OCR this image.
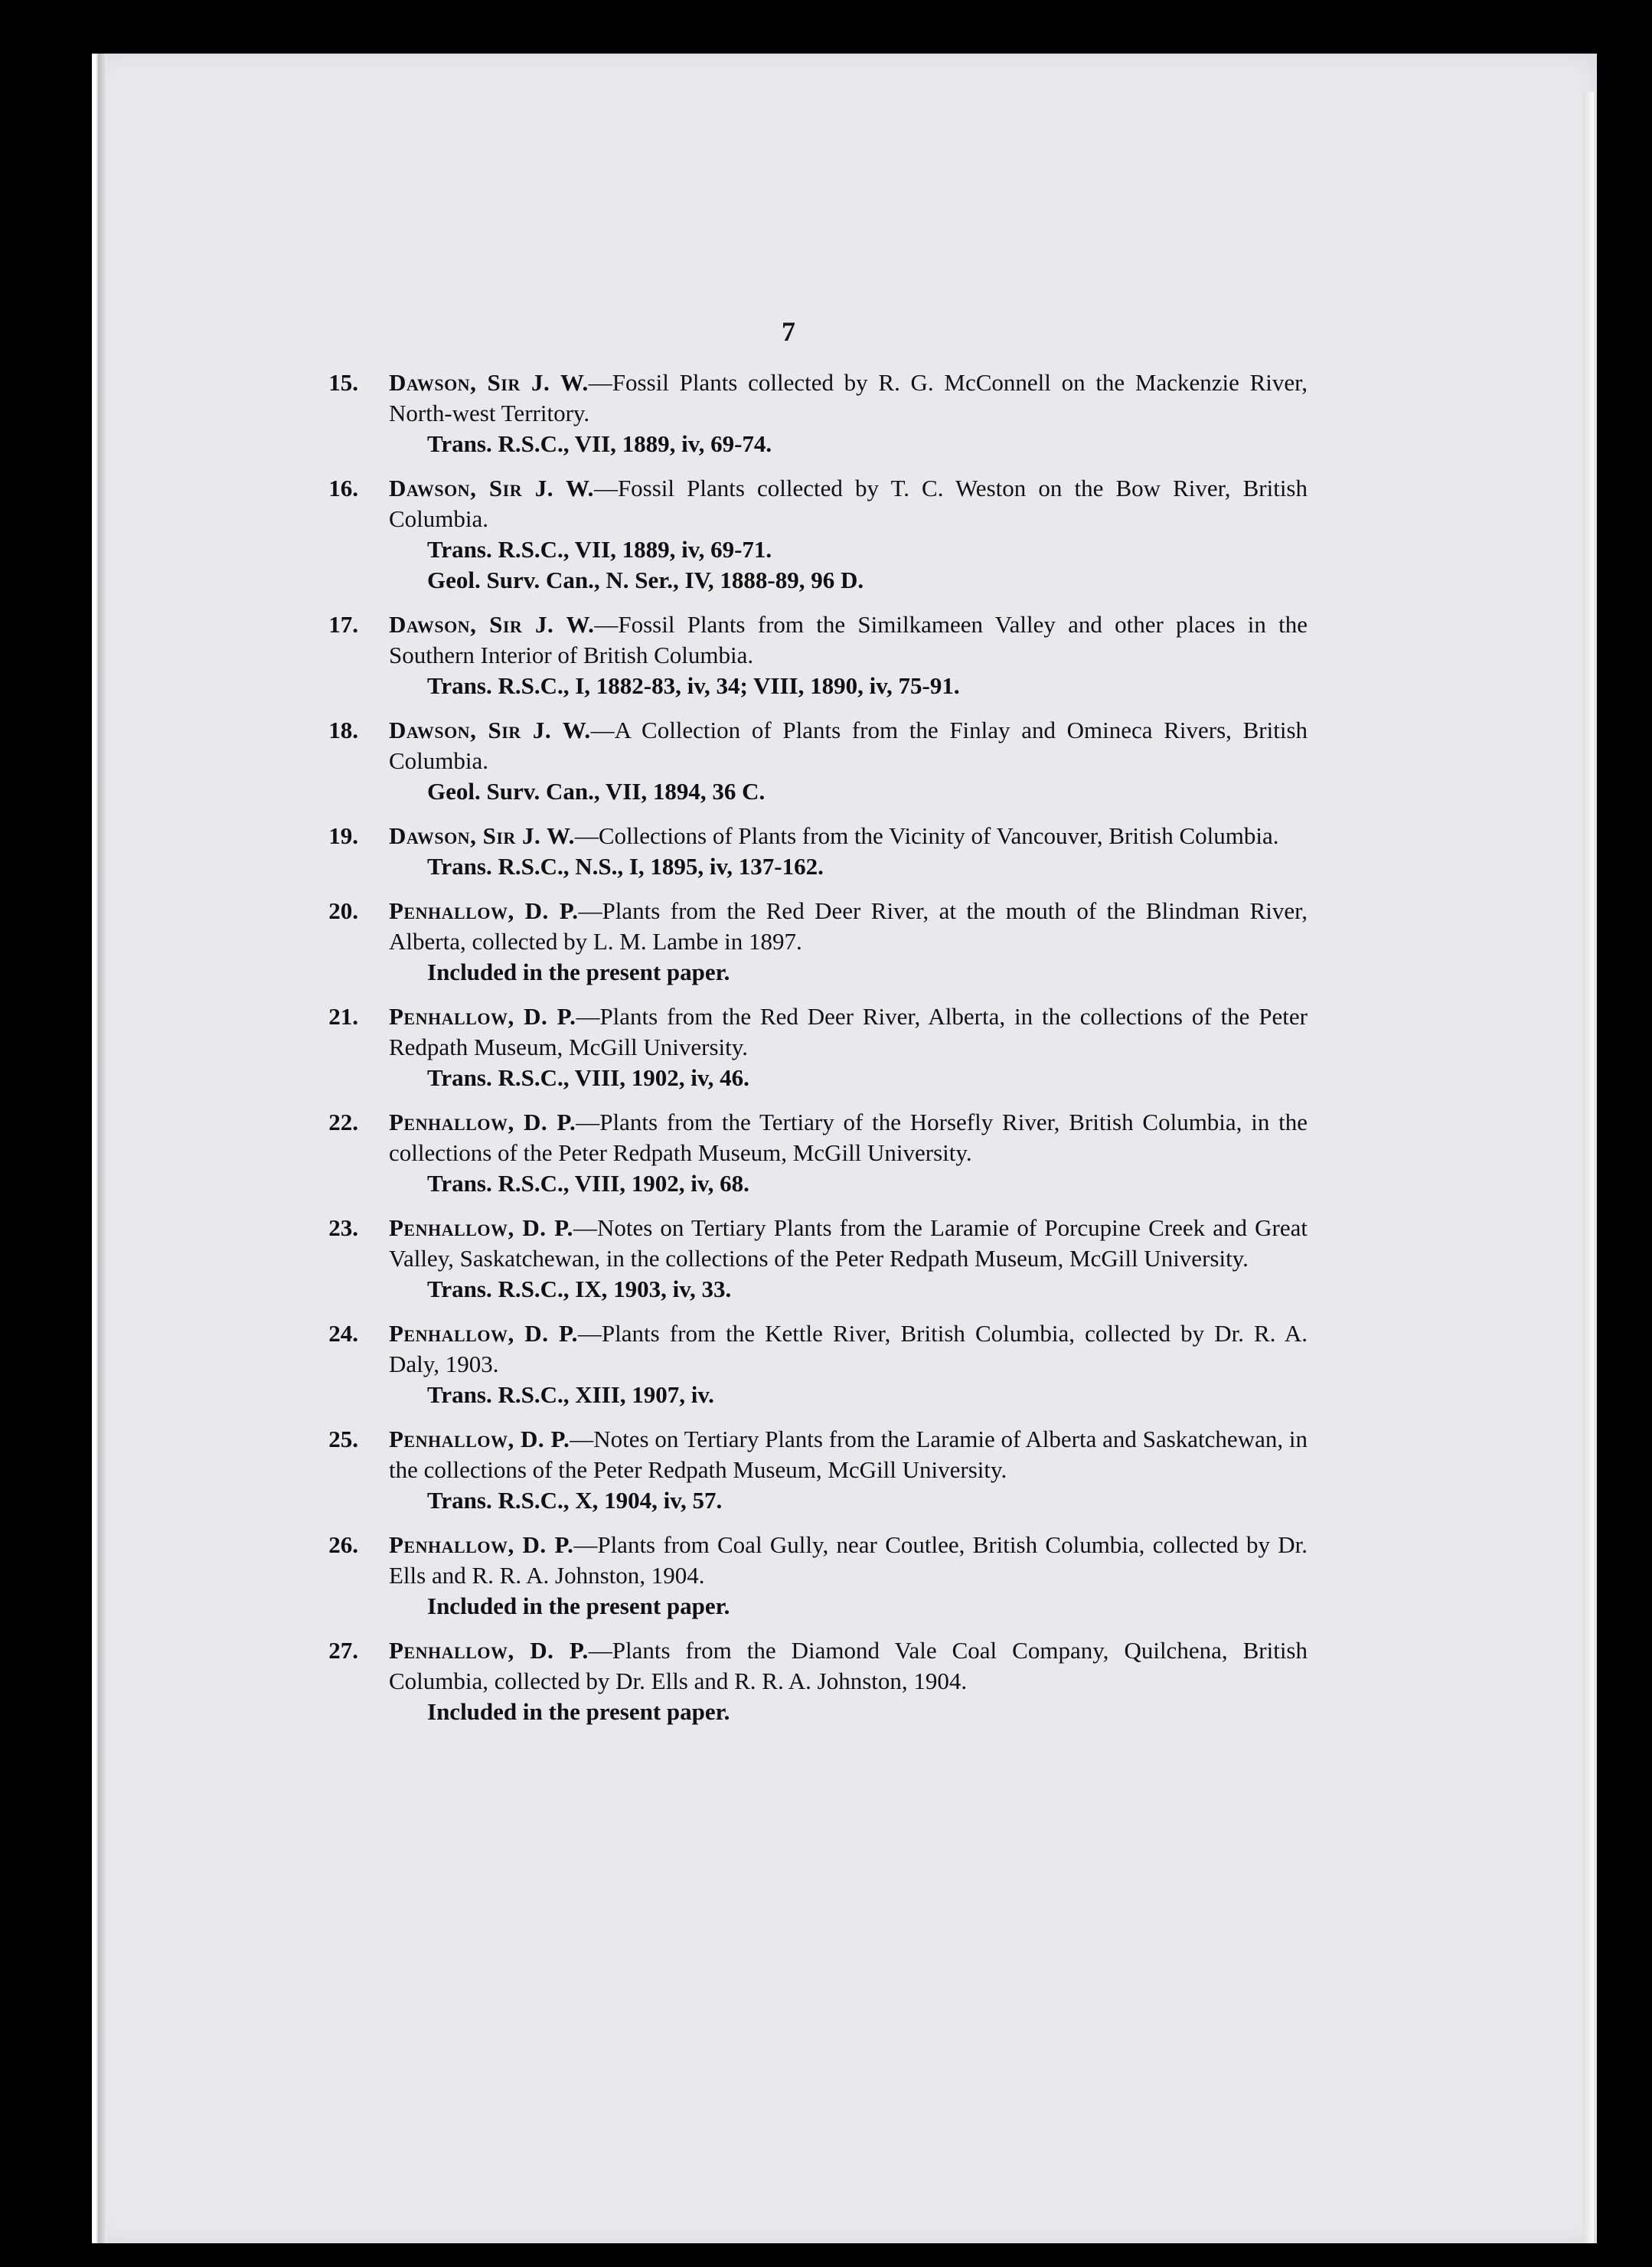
7
15. Dawson, Sir J. W.—Fossil Plants collected by R. G. McConnell on the Mackenzie River, North-west Territory.
Trans. R.S.C., VII, 1889, iv, 69-74.
16. Dawson, Sir J. W.—Fossil Plants collected by T. C. Weston on the Bow River, British Columbia.
Trans. R.S.C., VII, 1889, iv, 69-71.
Geol. Surv. Can., N. Ser., IV, 1888-89, 96 D.
17. Dawson, Sir J. W.—Fossil Plants from the Similkameen Valley and other places in the Southern Interior of British Columbia.
Trans. R.S.C., I, 1882-83, iv, 34; VIII, 1890, iv, 75-91.
18. Dawson, Sir J. W.—A Collection of Plants from the Finlay and Omineca Rivers, British Columbia.
Geol. Surv. Can., VII, 1894, 36 C.
19. Dawson, Sir J. W.—Collections of Plants from the Vicinity of Vancouver, British Columbia.
Trans. R.S.C., N.S., I, 1895, iv, 137-162.
20. Penhallow, D. P.—Plants from the Red Deer River, at the mouth of the Blindman River, Alberta, collected by L. M. Lambe in 1897.
Included in the present paper.
21. Penhallow, D. P.—Plants from the Red Deer River, Alberta, in the collections of the Peter Redpath Museum, McGill University.
Trans. R.S.C., VIII, 1902, iv, 46.
22. Penhallow, D. P.—Plants from the Tertiary of the Horsefly River, British Columbia, in the collections of the Peter Redpath Museum, McGill University.
Trans. R.S.C., VIII, 1902, iv, 68.
23. Penhallow, D. P.—Notes on Tertiary Plants from the Laramie of Porcupine Creek and Great Valley, Saskatchewan, in the collections of the Peter Redpath Museum, McGill University.
Trans. R.S.C., IX, 1903, iv, 33.
24. Penhallow, D. P.—Plants from the Kettle River, British Columbia, collected by Dr. R. A. Daly, 1903.
Trans. R.S.C., XIII, 1907, iv.
25. Penhallow, D. P.—Notes on Tertiary Plants from the Laramie of Alberta and Saskatchewan, in the collections of the Peter Redpath Museum, McGill University.
Trans. R.S.C., X, 1904, iv, 57.
26. Penhallow, D. P.—Plants from Coal Gully, near Coutlee, British Columbia, collected by Dr. Ells and R. R. A. Johnston, 1904.
Included in the present paper.
27. Penhallow, D. P.—Plants from the Diamond Vale Coal Company, Quilchena, British Columbia, collected by Dr. Ells and R. R. A. Johnston, 1904.
Included in the present paper.
